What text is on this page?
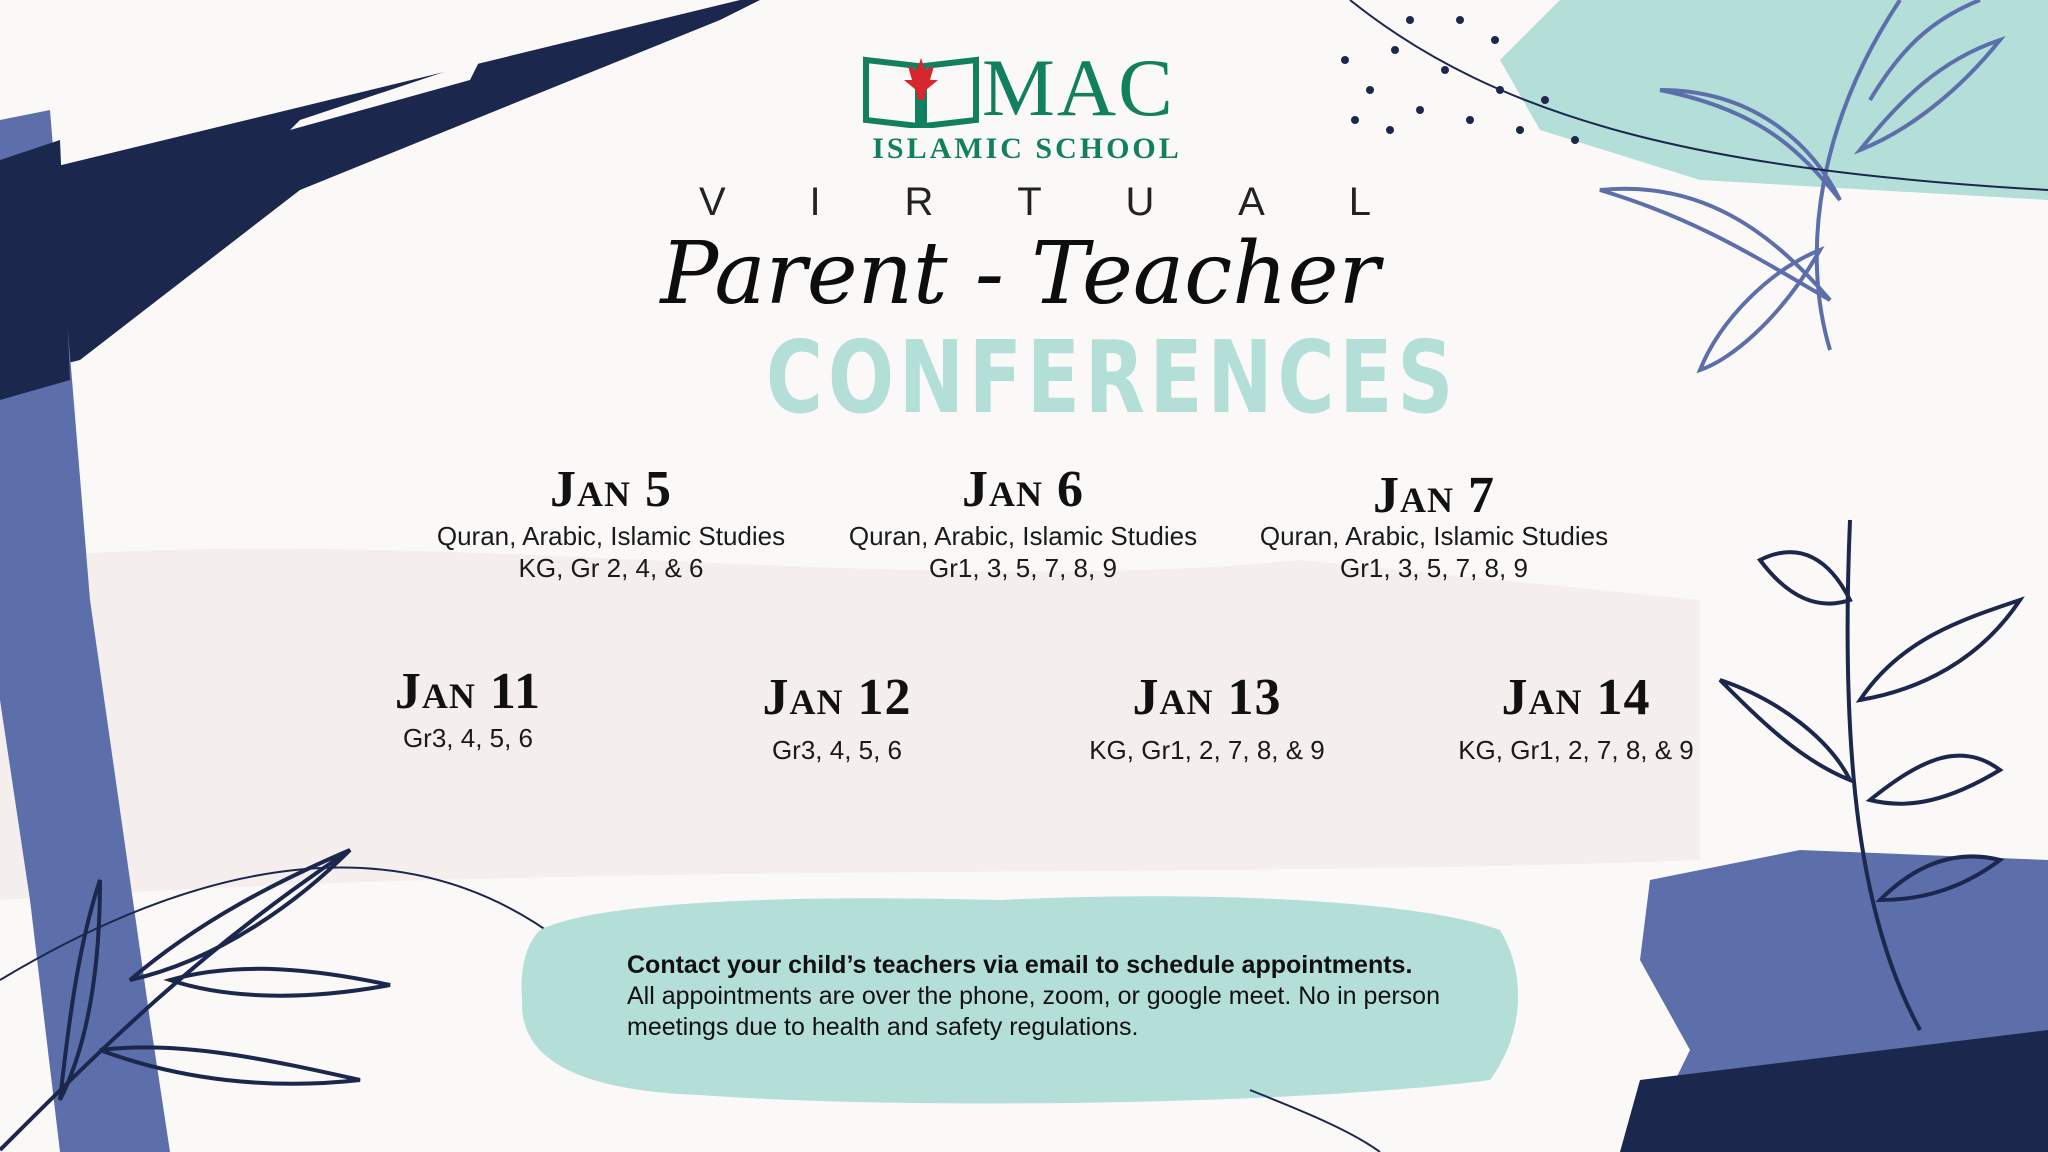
MAC
ISLAMIC SCHOOL
V I R T U A L
Parent - Teacher
CONFERENCES
Jan 5

Quran, Arabic, Islamic Studies

KG, Gr 2, 4, & 6

Jan 6

Quran, Arabic, Islamic Studies

Gr1, 3, 5, 7, 8, 9

Jan 7

Quran, Arabic, Islamic Studies

Gr1, 3, 5, 7, 8, 9

Jan 11

Gr3, 4, 5, 6

Jan 12

Gr3, 4, 5, 6

Jan 13

KG, Gr1, 2, 7, 8, & 9

Jan 14

KG, Gr1, 2, 7, 8, & 9

Contact your child’s teachers via email to schedule appointments.
All appointments are over the phone, zoom, or google meet. No in person meetings due to health and safety regulations.
